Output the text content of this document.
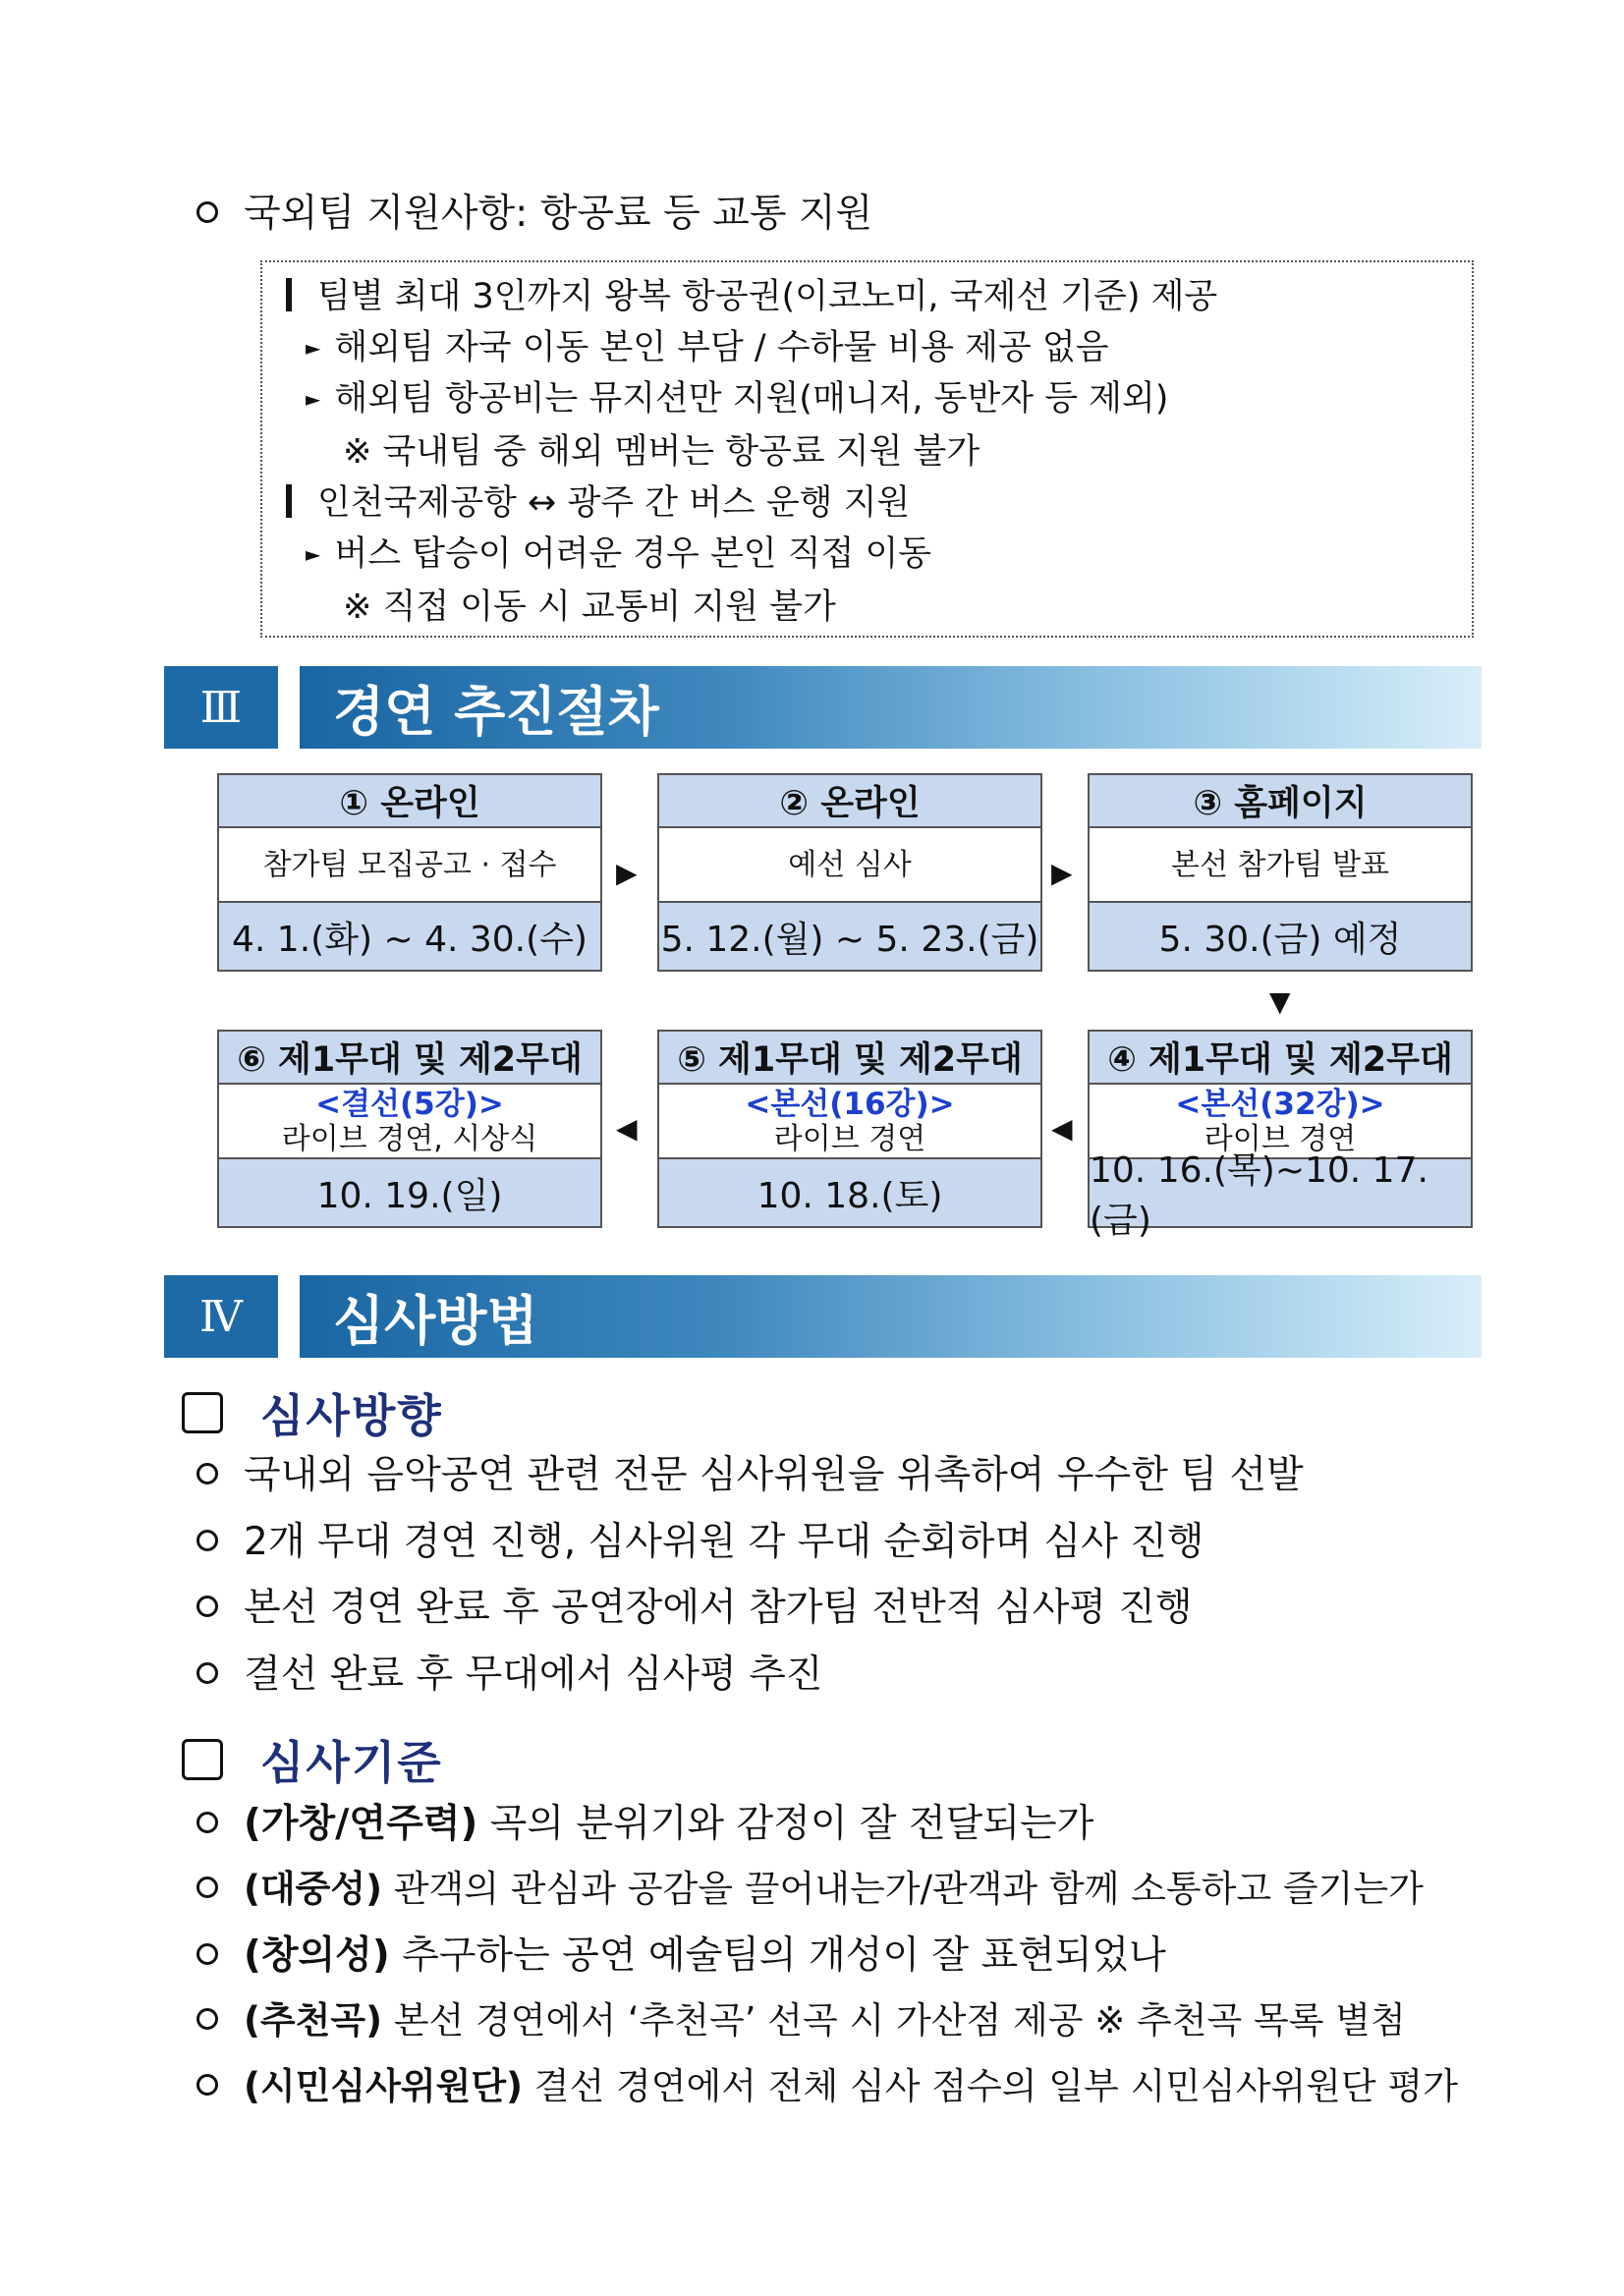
국외팀 지원사항: 항공료 등 교통 지원
팀별 최대 3인까지 왕복 항공권(이코노미, 국제선 기준) 제공
► 해외팀 자국 이동 본인 부담 / 수하물 비용 제공 없음
► 해외팀 항공비는 뮤지션만 지원(매니저, 동반자 등 제외)
※ 국내팀 중 해외 멤버는 항공료 지원 불가
인천국제공항 ↔ 광주 간 버스 운행 지원
► 버스 탑승이 어려운 경우 본인 직접 이동
※ 직접 이동 시 교통비 지원 불가
Ⅲ	경연 추진절차
① 온라인
참가팀 모집공고 · 접수
4. 1.(화) ~ 4. 30.(수)
▶
② 온라인
예선 심사
5. 12.(월) ~ 5. 23.(금)
▶
③ 홈페이지
본선 참가팀 발표
5. 30.(금) 예정
▼
⑥ 제1무대 및 제2무대
<결선(5강)>
라이브 경연, 시상식
10. 19.(일)
◀
⑤ 제1무대 및 제2무대
<본선(16강)>
라이브 경연
10. 18.(토)
◀
④ 제1무대 및 제2무대
<본선(32강)>
라이브 경연
10. 16.(목)~10. 17.(금)
Ⅳ	심사방법
심사방향
국내외 음악공연 관련 전문 심사위원을 위촉하여 우수한 팀 선발
2개 무대 경연 진행, 심사위원 각 무대 순회하며 심사 진행
본선 경연 완료 후 공연장에서 참가팀 전반적 심사평 진행
결선 완료 후 무대에서 심사평 추진
심사기준
(가창/연주력) 곡의 분위기와 감정이 잘 전달되는가
(대중성) 관객의 관심과 공감을 끌어내는가/관객과 함께 소통하고 즐기는가
(창의성) 추구하는 공연 예술팀의 개성이 잘 표현되었나
(추천곡) 본선 경연에서 ‘추천곡’ 선곡 시 가산점 제공 ※ 추천곡 목록 별첨
(시민심사위원단) 결선 경연에서 전체 심사 점수의 일부 시민심사위원단 평가
